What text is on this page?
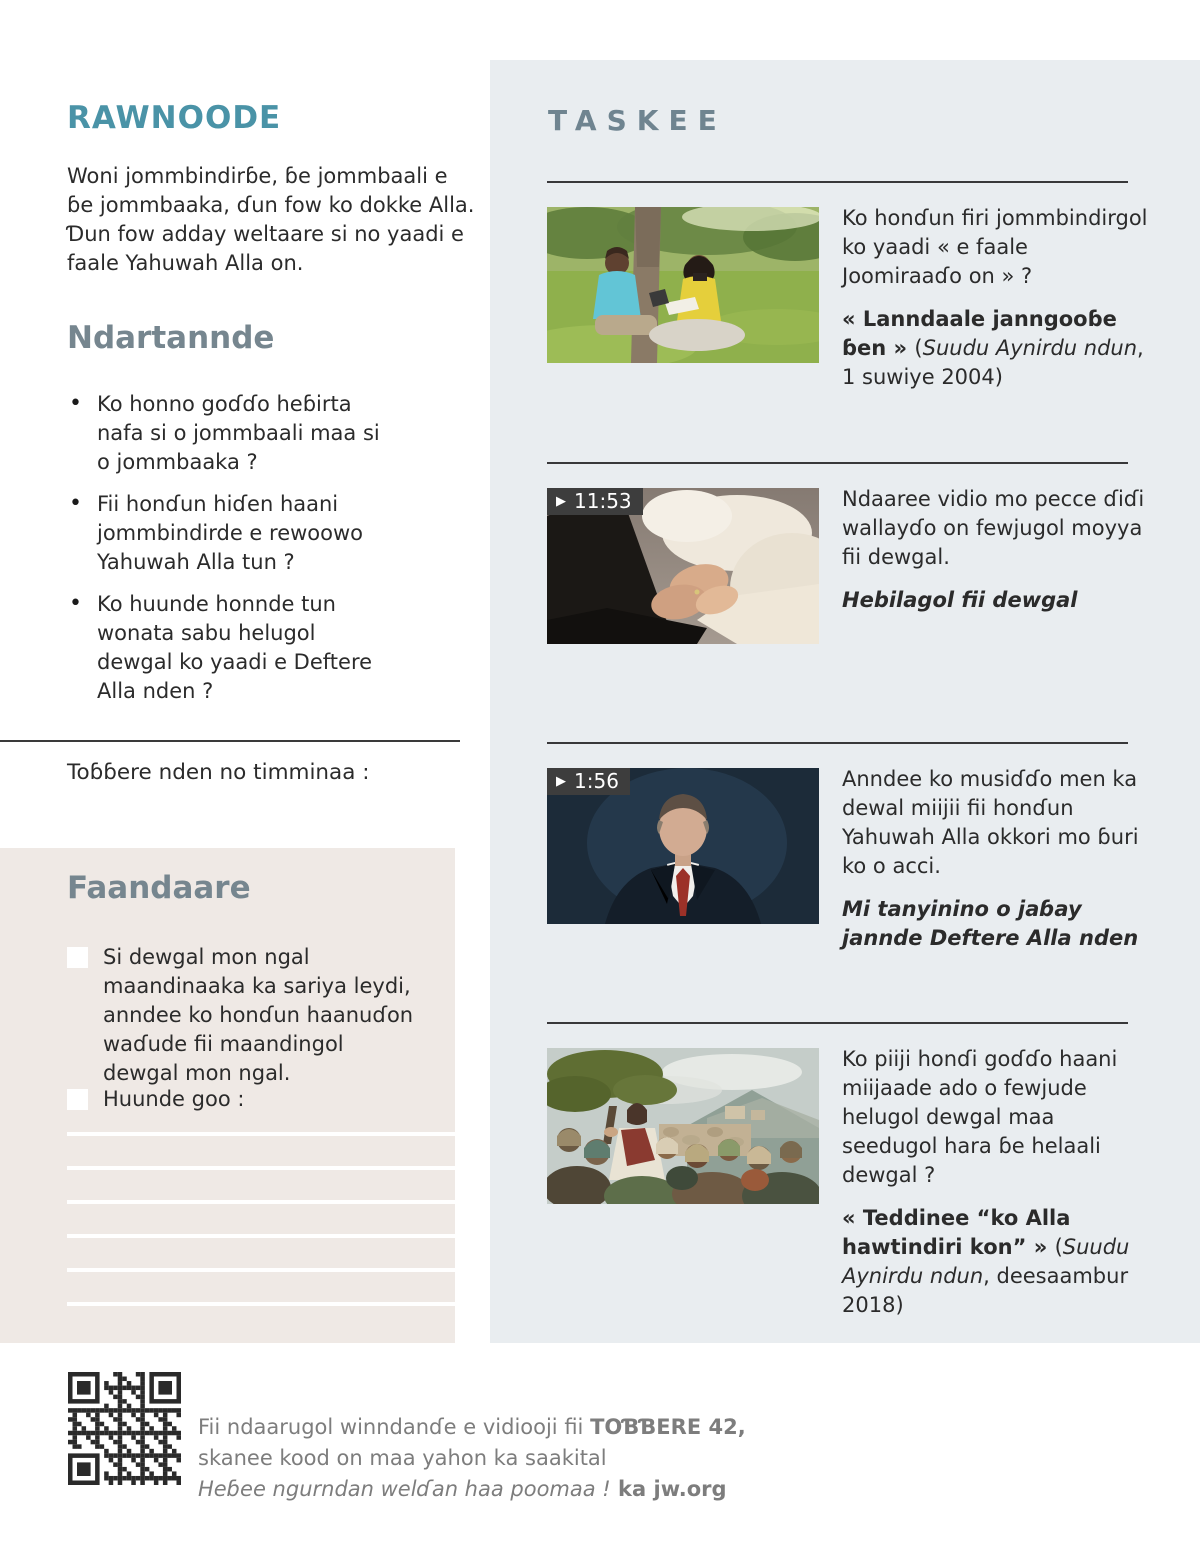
RAWNOODE
Woni jommbindirɓe, ɓe jommbaali e ɓe jommbaaka, ɗun fow ko dokke Alla. Ɗun fow adday weltaare si no yaadi e faale Yahuwah Alla on.
Ndartannde
• Ko honno goɗɗo heɓirta nafa si o jommbaali maa si o jommbaaka ?
• Fii honɗun hiɗen haani jommbindirde e rewoowo Yahuwah Alla tun ?
• Ko huunde honnde tun wonata sabu helugol dewgal ko yaadi e Deftere Alla nden ?
Toɓɓere nden no timminaa :
Faandaare
Si dewgal mon ngal maandinaaka ka sariya leydi, anndee ko honɗun haanuɗon waɗude fii maandingol dewgal mon ngal.
Huunde goo :
TASKEE

Ko honɗun firi jommbindirgol ko yaadi « e faale Joomiraaɗo on » ?

« Lanndaale janngooɓe ɓen » (Suudu Aynirdu ndun, 1 suwiye 2004)

▶ 11:53	Ndaaree vidio mo pecce ɗiɗi wallayɗo on fewjugol moyya fii dewgal.

Hebilagol fii dewgal

▶ 1:56	Anndee ko musiɗɗo men ka dewal miijii fii honɗun Yahuwah Alla okkori mo ɓuri ko o acci.

Mi tanyinino o jaɓay jannde Deftere Alla nden

Ko piiji honɗi goɗɗo haani miijaade ado o fewjude helugol dewgal maa seedugol hara ɓe helaali dewgal ?

« Teddinee “ko Alla hawtindiri kon” » (Suudu Aynirdu ndun, deesaambur 2018)

Fii ndaarugol winndanɗe e vidiooji fii TOƁƁERE 42,
skanee kood on maa yahon ka saakital
Heɓee ngurndan welɗan haa poomaa ! ka jw.org
